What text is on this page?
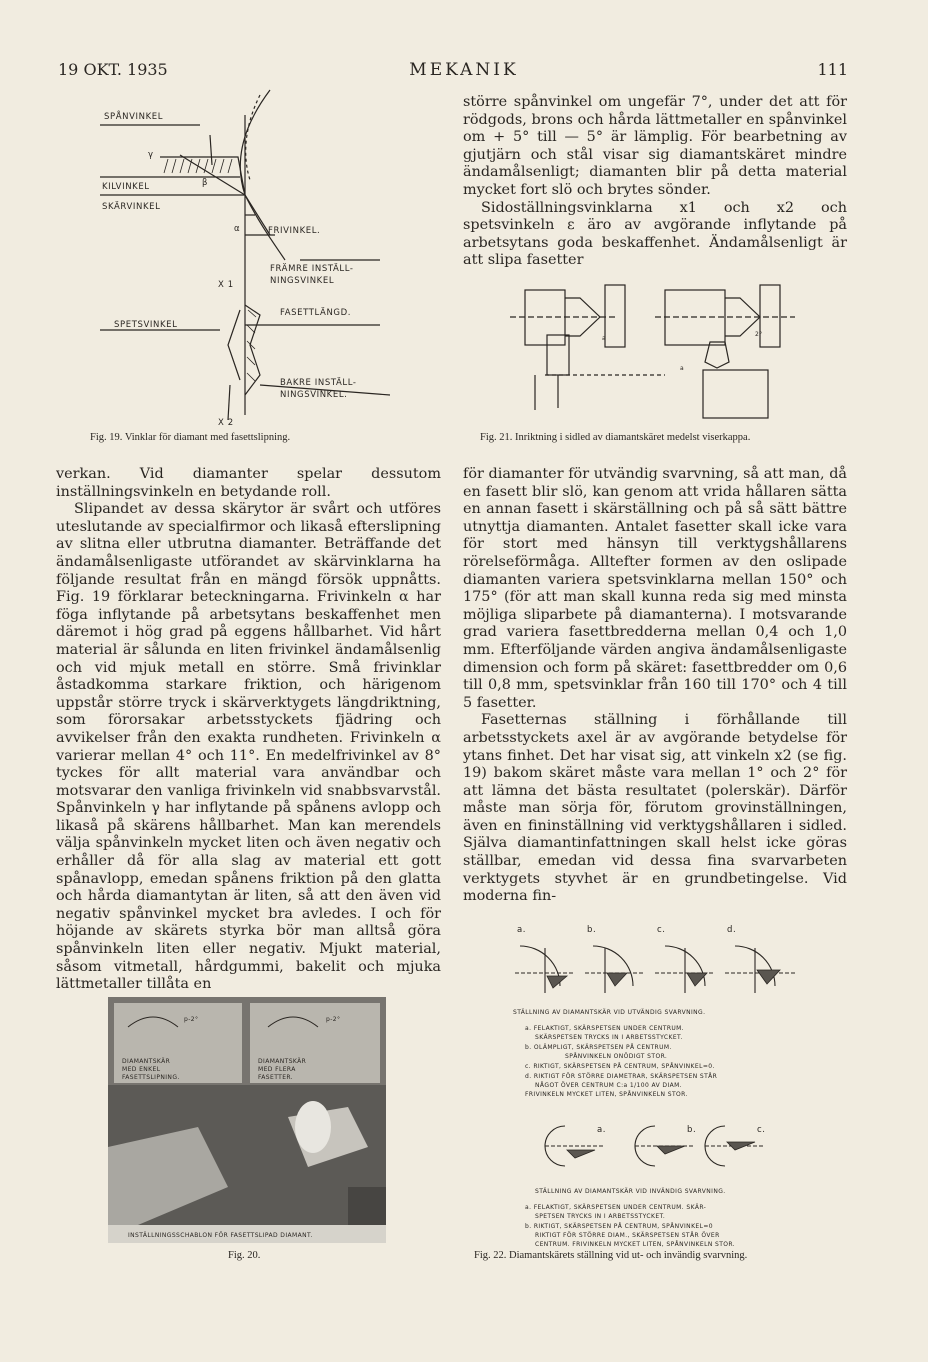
19 OKT. 1935	MEKANIK	111
SPÅNVINKEL
KILVINKEL
SKÄRVINKEL
FRIVINKEL.
FRÄMRE INSTÄLL-
NINGSVINKEL
FASETTLÄNGD.
SPETSVINKEL
BAKRE INSTÄLL-
NINGSVINKEL.
γ
β
α
X 1
X 2
Fig. 19. Vinklar för diamant med fasettslipning.

större spånvinkel om ungefär 7°, under det att för rödgods, brons och hårda lättmetaller en spånvinkel om + 5° till — 5° är lämplig. För bearbetning av gjutjärn och stål visar sig diamantskäret mindre ändamålsenligt; diamanten blir på detta material mycket fort slö och brytes sönder.

Sidoställningsvinklarna x1 och x2 och spetsvinkeln ε äro av avgörande inflytande på arbetsytans goda beskaffenhet. Ändamålsenligt är att slipa fasetter

a
a
2°
Fig. 21. Inriktning i sidled av diamantskäret medelst viserkappa.

verkan. Vid diamanter spelar dessutom inställningsvinkeln en betydande roll.

Slipandet av dessa skärytor är svårt och utföres uteslutande av specialfirmor och likaså efterslipning av slitna eller utbrutna diamanter. Beträffande det ändamålsenligaste utförandet av skärvinklarna ha följande resultat från en mängd försök uppnåtts. Fig. 19 förklarar beteckningarna. Frivinkeln α har föga inflytande på arbetsytans beskaffenhet men däremot i hög grad på eggens hållbarhet. Vid hårt material är sålunda en liten frivinkel ändamålsenlig och vid mjuk metall en större. Små frivinklar åstadkomma starkare friktion, och härigenom uppstår större tryck i skärverktygets längdriktning, som förorsakar arbetsstyckets fjädring och avvikelser från den exakta rundheten. Frivinkeln α varierar mellan 4° och 11°. En medelfrivinkel av 8° tyckes för allt material vara användbar och motsvarar den vanliga frivinkeln vid snabbsvarvstål. Spånvinkeln γ har inflytande på spånens avlopp och likaså på skärens hållbarhet. Man kan merendels välja spånvinkeln mycket liten och även negativ och erhåller då för alla slag av material ett gott spånavlopp, emedan spånens friktion på den glatta och hårda diamantytan är liten, så att den även vid negativ spånvinkel mycket bra avledes. I och för höjande av skärets styrka bör man alltså göra spånvinkeln liten eller negativ. Mjukt material, såsom vitmetall, hårdgummi, bakelit och mjuka lättmetaller tillåta en

för diamanter för utvändig svarvning, så att man, då en fasett blir slö, kan genom att vrida hållaren sätta en annan fasett i skärställning och på så sätt bättre utnyttja diamanten. Antalet fasetter skall icke vara för stort med hänsyn till verktygshållarens rörelseförmåga. Alltefter formen av den oslipade diamanten variera spetsvinklarna mellan 150° och 175° (för att man skall kunna reda sig med minsta möjliga sliparbete på diamanterna). I motsvarande grad variera fasettbredderna mellan 0,4 och 1,0 mm. Efterföljande värden angiva ändamålsenligaste dimension och form på skäret: fasettbredder om 0,6 till 0,8 mm, spetsvinklar från 160 till 170° och 4 till 5 fasetter.

Fasetternas ställning i förhållande till arbetsstyckets axel är av avgörande betydelse för ytans finhet. Det har visat sig, att vinkeln x2 (se fig. 19) bakom skäret måste vara mellan 1° och 2° för att lämna det bästa resultatet (polerskär). Därför måste man sörja för, förutom grovinställningen, även en fininställning vid verktygshållaren i sidled. Själva diamantinfattningen skall helst icke göras ställbar, emedan vid dessa fina svarvarbeten verktygets styvhet är en grundbetingelse. Vid moderna fin-

DIAMANTSKÄR
MED ENKEL
FASETTSLIPNING.
p-2°
DIAMANTSKÄR
MED FLERA
FASETTER.
p-2°
INSTÄLLNINGSSCHABLON FÖR FASETTSLIPAD DIAMANT.
Fig. 20.
a.	b.	c.	d.
STÄLLNING AV DIAMANTSKÄR VID UTVÄNDIG SVARVNING.
a. FELAKTIGT, SKÄRSPETSEN UNDER CENTRUM.
SKÄRSPETSEN TRYCKS IN I ARBETSSTYCKET.
b. OLÄMPLIGT, SKÄRSPETSEN PÅ CENTRUM.
SPÅNVINKELN ONÖDIGT STOR.
c. RIKTIGT, SKÄRSPETSEN PÅ CENTRUM, SPÅNVINKEL=0.
d. RIKTIGT FÖR STÖRRE DIAMETRAR, SKÄRSPETSEN STÅR
NÅGOT ÖVER CENTRUM C:a 1/100 AV DIAM.
FRIVINKELN MYCKET LITEN, SPÅNVINKELN STOR.
a.	b.	c.
STÄLLNING AV DIAMANTSKÄR VID INVÄNDIG SVARVNING.
a. FELAKTIGT, SKÄRSPETSEN UNDER CENTRUM. SKÄR-
SPETSEN TRYCKS IN I ARBETSSTYCKET.
b. RIKTIGT, SKÄRSPETSEN PÅ CENTRUM, SPÅNVINKEL=0
RIKTIGT FÖR STÖRRE DIAM., SKÄRSPETSEN STÅR ÖVER
CENTRUM. FRIVINKELN MYCKET LITEN, SPÅNVINKELN STOR.
Fig. 22. Diamantskärets ställning vid ut- och invändig svarvning.
